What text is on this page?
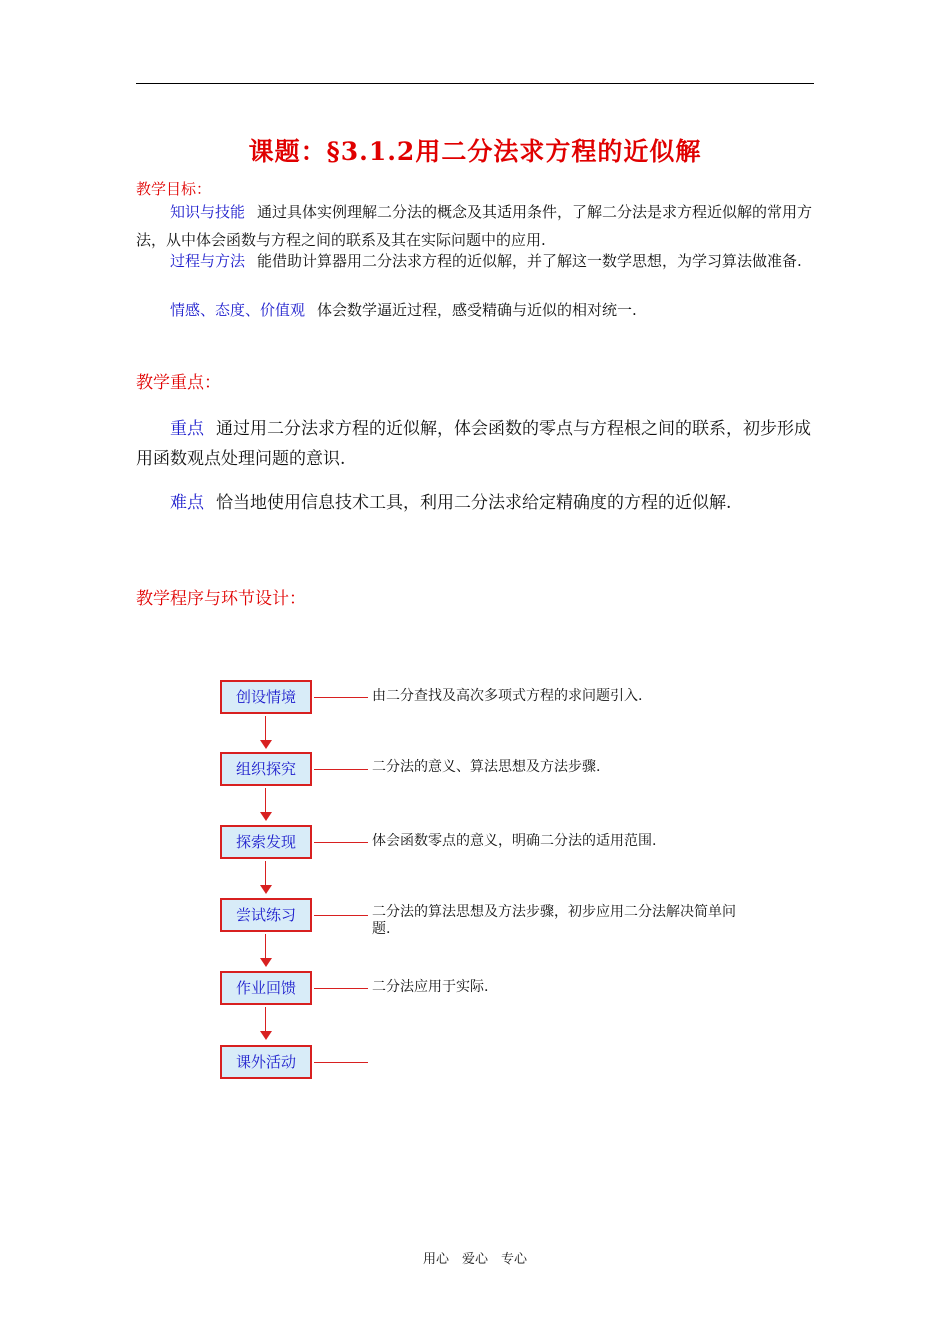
课题：§3.1.2用二分法求方程的近似解
教学目标：
知识与技能 通过具体实例理解二分法的概念及其适用条件，了解二分法是求方程近似解的常用方法，从中体会函数与方程之间的联系及其在实际问题中的应用.
过程与方法 能借助计算器用二分法求方程的近似解，并了解这一数学思想，为学习算法做准备.
情感、态度、价值观 体会数学逼近过程，感受精确与近似的相对统一.
教学重点：
重点 通过用二分法求方程的近似解，体会函数的零点与方程根之间的联系，初步形成用函数观点处理问题的意识.
难点 恰当地使用信息技术工具，利用二分法求给定精确度的方程的近似解.
教学程序与环节设计：
创设情境	由二分查找及高次多项式方程的求问题引入.
组织探究	二分法的意义、算法思想及方法步骤.
探索发现	体会函数零点的意义，明确二分法的适用范围.
尝试练习	二分法的算法思想及方法步骤，初步应用二分法解决简单问题.
作业回馈	二分法应用于实际.
课外活动
用心　爱心　专心
